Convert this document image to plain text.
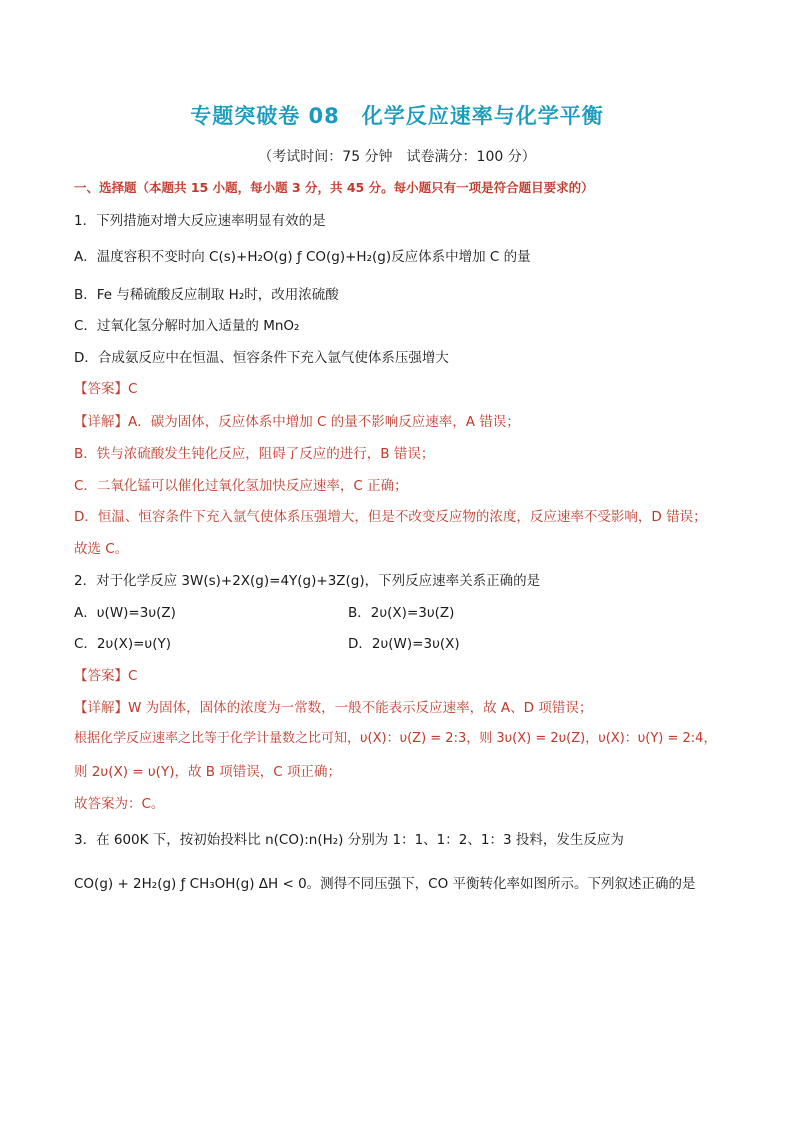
专题突破卷 08　化学反应速率与化学平衡
（考试时间：75 分钟　试卷满分：100 分）
一、选择题（本题共 15 小题，每小题 3 分，共 45 分。每小题只有一项是符合题目要求的）
1．下列措施对增大反应速率明显有效的是
A．温度容积不变时向 C(s)+H₂O(g) ƒ CO(g)+H₂(g)反应体系中增加 C 的量
B．Fe 与稀硫酸反应制取 H₂时，改用浓硫酸
C．过氧化氢分解时加入适量的 MnO₂
D．合成氨反应中在恒温、恒容条件下充入氩气使体系压强增大
【答案】C
【详解】A．碳为固体，反应体系中增加 C 的量不影响反应速率，A 错误；
B．铁与浓硫酸发生钝化反应，阻碍了反应的进行，B 错误；
C．二氧化锰可以催化过氧化氢加快反应速率，C 正确；
D．恒温、恒容条件下充入氩气使体系压强增大，但是不改变反应物的浓度，反应速率不受影响，D 错误；
故选 C。
2．对于化学反应 3W(s)+2X(g)=4Y(g)+3Z(g)，下列反应速率关系正确的是
A．υ(W)=3υ(Z)	B．2υ(X)=3υ(Z)
C．2υ(X)=υ(Y)	D．2υ(W)=3υ(X)
【答案】C
【详解】W 为固体，固体的浓度为一常数，一般不能表示反应速率，故 A、D 项错误；
根据化学反应速率之比等于化学计量数之比可知，υ(X)：υ(Z) = 2:3，则 3υ(X) = 2υ(Z)，υ(X)：υ(Y) = 2:4，
则 2υ(X) = υ(Y)，故 B 项错误，C 项正确；
故答案为：C。
3．在 600K 下，按初始投料比 n(CO):n(H₂) 分别为 1：1、1：2、1：3 投料，发生反应为
CO(g) + 2H₂(g) ƒ CH₃OH(g) ΔH < 0。测得不同压强下，CO 平衡转化率如图所示。下列叙述正确的是
